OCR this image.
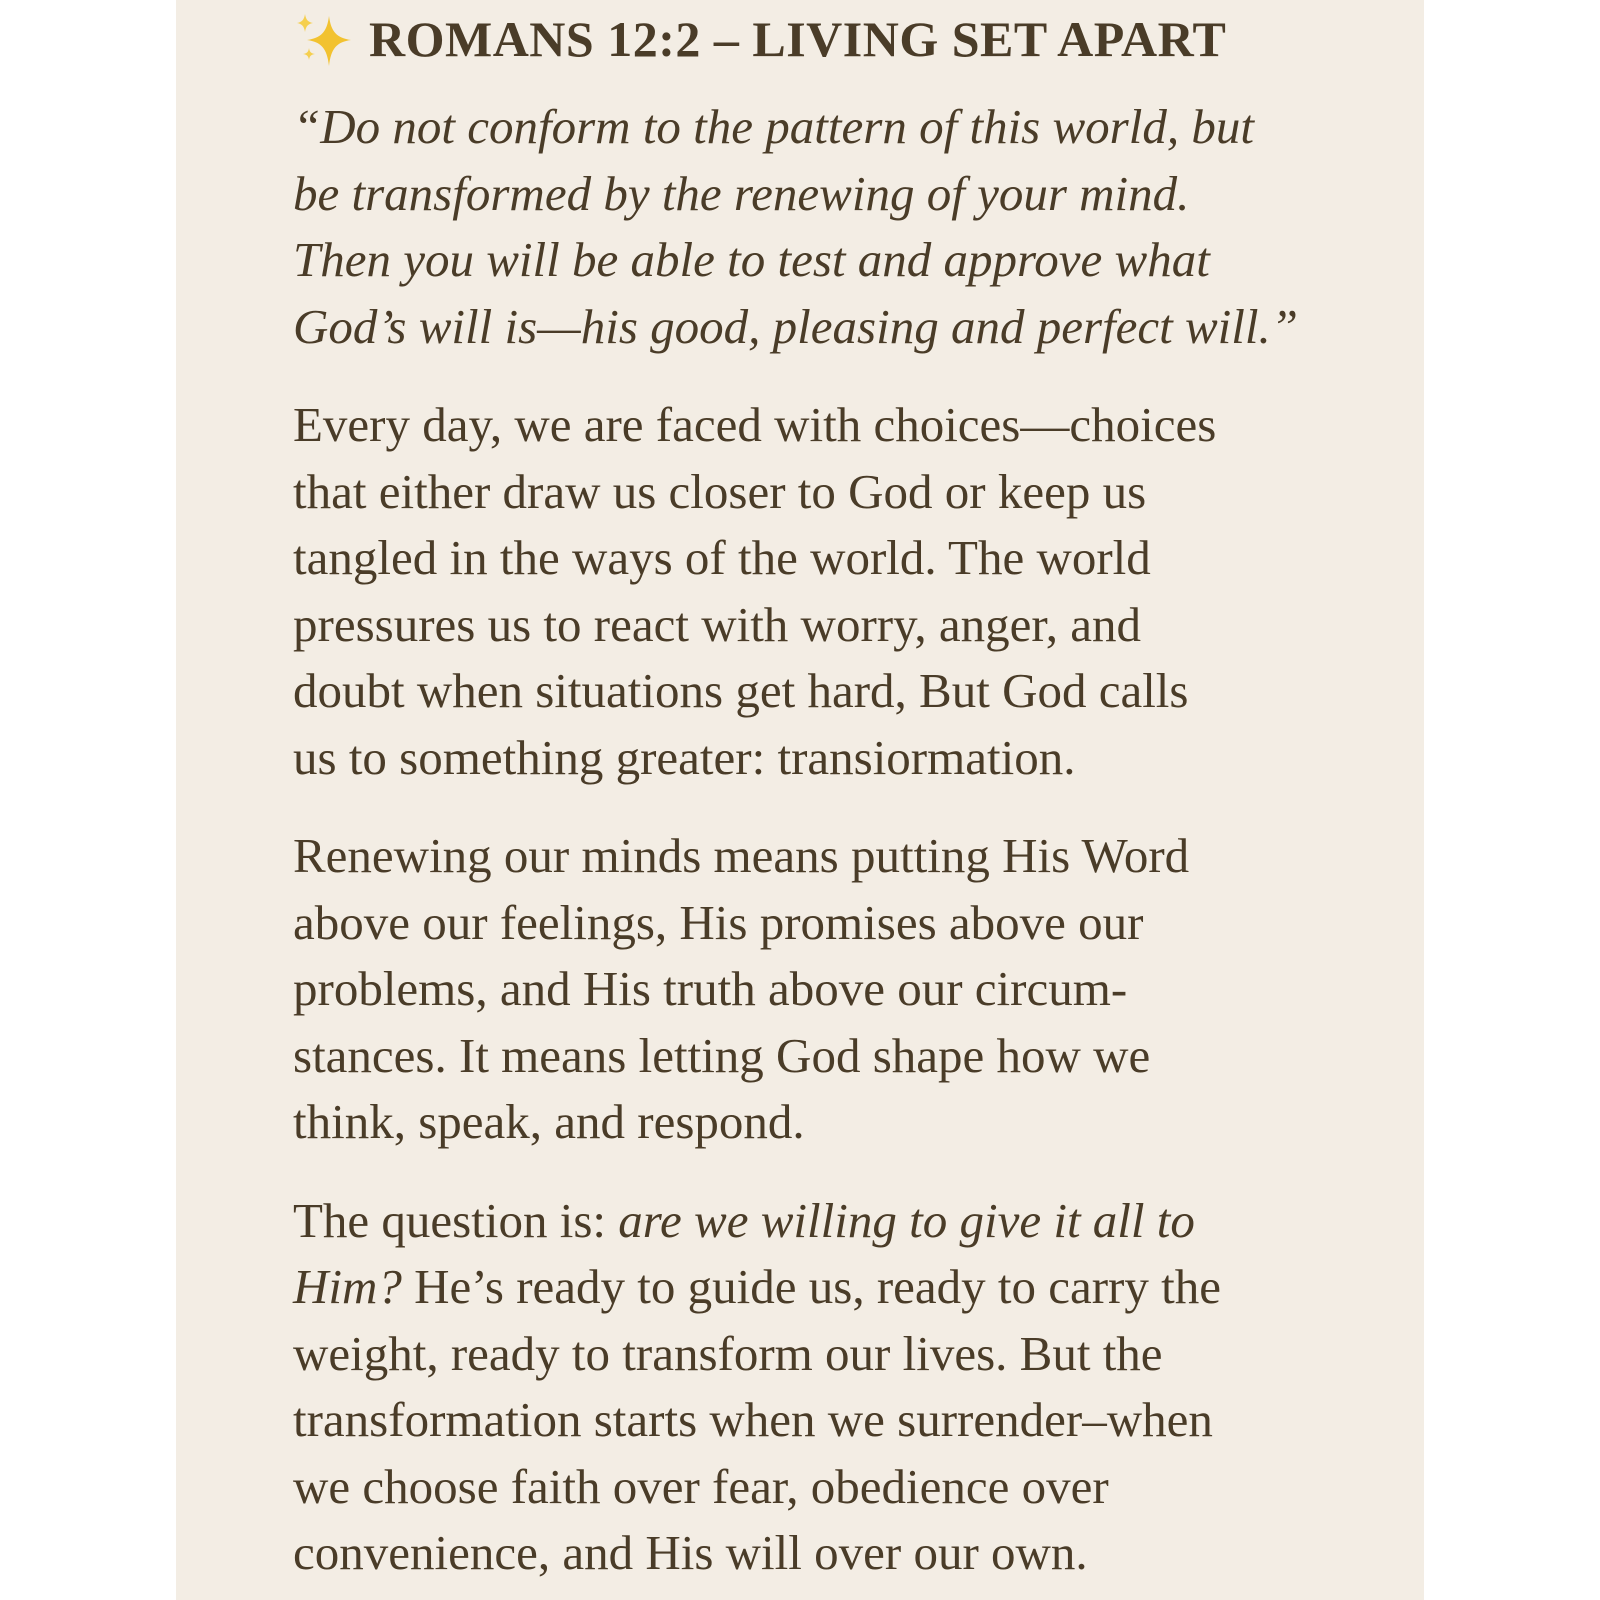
ROMANS 12:2 – LIVING SET APART
“Do not conform to the pattern of this world, but
be transformed by the renewing of your mind.
Then you will be able to test and approve what
God’s will is—his good, pleasing and perfect will.”
Every day, we are faced with choices—choices
that either draw us closer to God or keep us
tangled in the ways of the world. The world
pressures us to react with worry, anger, and
doubt when situations get hard, But God calls
us to something greater: transiormation.
Renewing our minds means putting His Word
above our feelings, His promises above our
problems, and His truth above our circum-
stances. It means letting God shape how we
think, speak, and respond.
The question is: are we willing to give it all to
Him? He’s ready to guide us, ready to carry the
weight, ready to transform our lives. But the
transformation starts when we surrender–when
we choose faith over fear, obedience over
convenience, and His will over our own.
